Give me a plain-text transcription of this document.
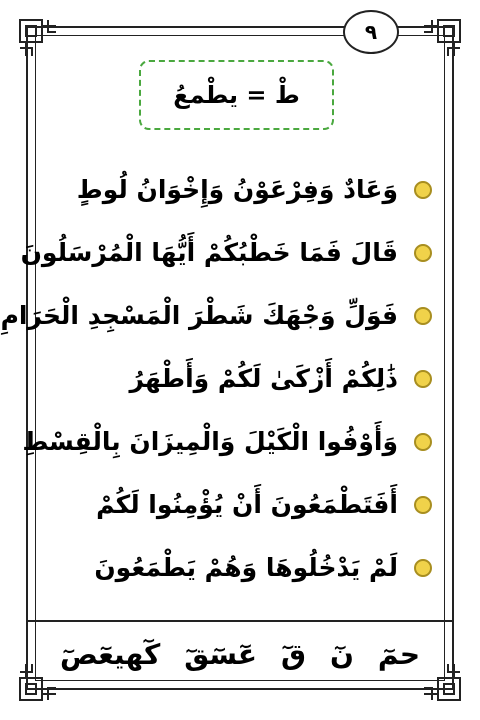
٩
طْ = يطْمعُ
وَعَادٌ وَفِرْعَوْنُ وَإِخْوَانُ لُوطٍ
قَالَ فَمَا خَطْبُكُمْ أَيُّهَا الْمُرْسَلُونَ
فَوَلِّ وَجْهَكَ شَطْرَ الْمَسْجِدِ الْحَرَامِ
ذَٰلِكُمْ أَزْكَىٰ لَكُمْ وَأَطْهَرُ
وَأَوْفُوا الْكَيْلَ وَالْمِيزَانَ بِالْقِسْطِ
أَفَتَطْمَعُونَ أَنْ يُؤْمِنُوا لَكُمْ
لَمْ يَدْخُلُوهَا وَهُمْ يَطْمَعُونَ
حمٓ
نٓ
قٓ
عٓسٓقٓ
كٓهيعٓصٓ
